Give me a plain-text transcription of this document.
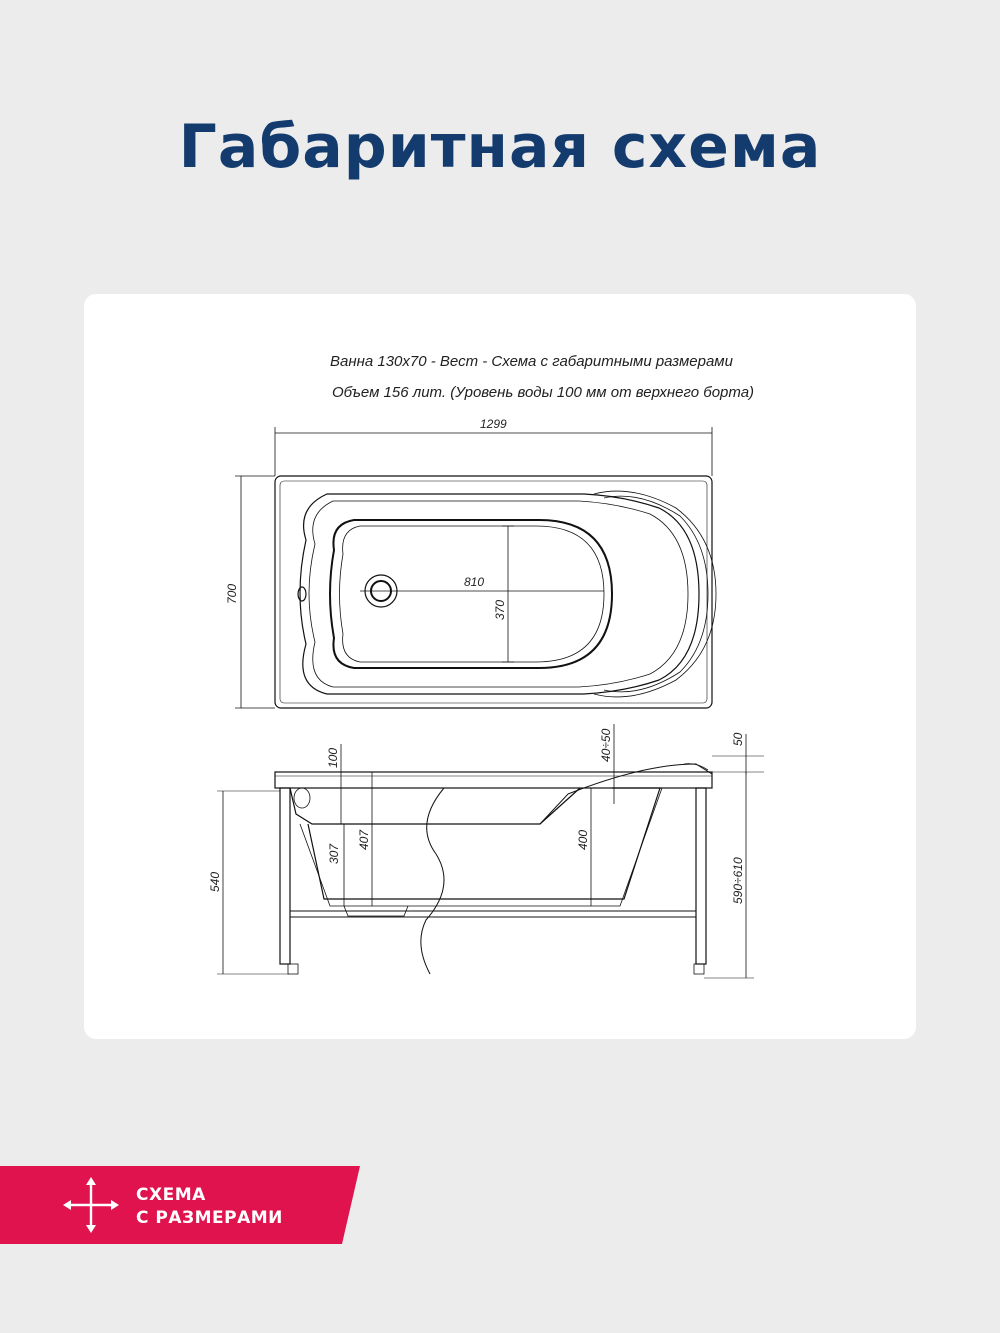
Габаритная схема
Ванна 130х70 - Вест - Схема с габаритными размерами
Объем 156 лит. (Уровень воды 100 мм от верхнего борта)
1299
700
810
370
100	40÷50	50
407
307
400
540	590÷610
СХЕМА
С РАЗМЕРАМИ
